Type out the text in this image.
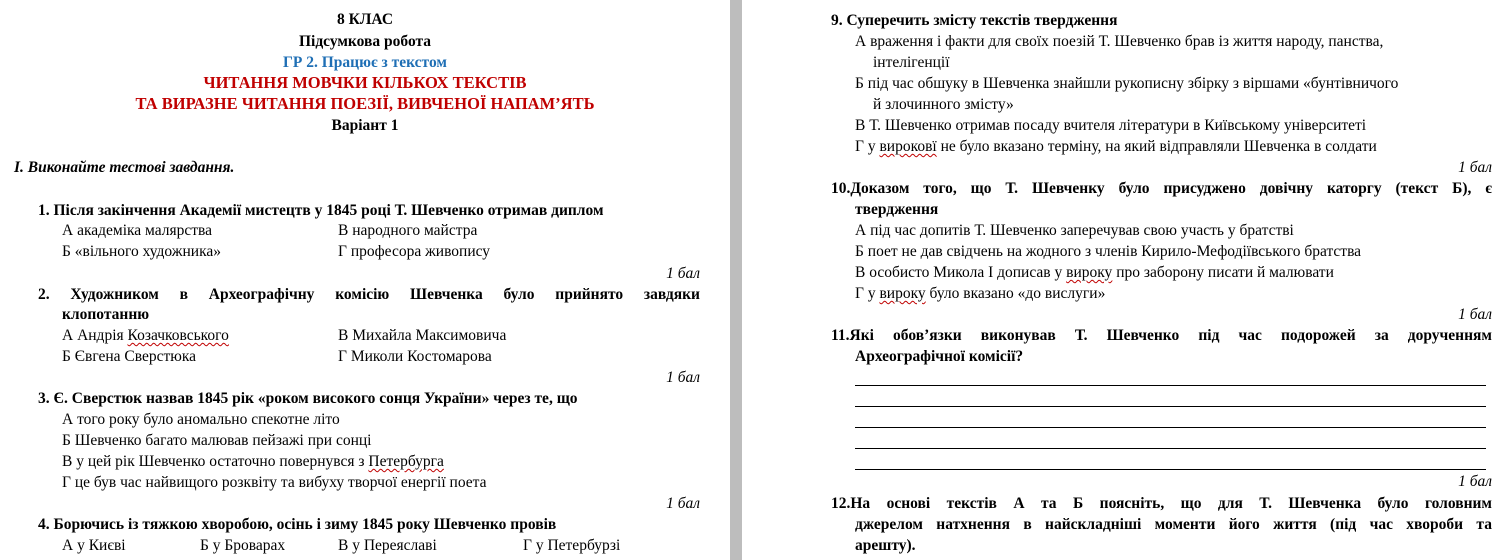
8 КЛАС
Підсумкова робота
ГР 2. Працює з текстом
ЧИТАННЯ МОВЧКИ КІЛЬКОХ ТЕКСТІВ
ТА ВИРАЗНЕ ЧИТАННЯ ПОЕЗІЇ, ВИВЧЕНОЇ НАПАМ’ЯТЬ
Варіант 1
I. Виконайте тестові завдання.
1. Після закінчення Академії мистецтв у 1845 році Т. Шевченко отримав диплом
А академіка малярства	В народного майстра
Б «вільного художника»	Г професора живопису
1 бал
2. Художником в Археографічну комісію Шевченка було прийнято завдяки
клопотанню
А Андрія Козачковського	В Михайла Максимовича
Б Євгена Сверстюка	Г Миколи Костомарова
1 бал
3. Є. Сверстюк назвав 1845 рік «роком високого сонця України» через те, що
А того року було аномально спекотне літо
Б Шевченко багато малював пейзажі при сонці
В у цей рік Шевченко остаточно повернувся з Петербурга
Г це був час найвищого розквіту та вибуху творчої енергії поета
1 бал
4. Борючись із тяжкою хворобою, осінь і зиму 1845 року Шевченко провів
А у Києві	Б у Броварах	В у Переяславі	Г у Петербурзі
9. Суперечить змісту текстів твердження
А враження і факти для своїх поезій Т. Шевченко брав із життя народу, панства,
інтелігенції
Б під час обшуку в Шевченка знайшли рукописну збірку з віршами «бунтівничого
й злочинного змісту»
В Т. Шевченко отримав посаду вчителя літератури в Київському університеті
Г у вироковї не було вказано терміну, на який відправляли Шевченка в солдати
1 бал
10.Доказом того, що Т. Шевченку було присуджено довічну каторгу (текст Б), є
твердження
А під час допитів Т. Шевченко заперечував свою участь у братстві
Б поет не дав свідчень на жодного з членів Кирило-Мефодіївського братства
В особисто Микола І дописав у вироку про заборону писати й малювати
Г у вироку було вказано «до вислуги»
1 бал
11.Які обов’язки виконував Т. Шевченко під час подорожей за дорученням
Археографічної комісії?
1 бал
12.На основі текстів А та Б поясніть, що для Т. Шевченка було головним
джерелом натхнення в найскладніші моменти його життя (під час хвороби та
арешту).
